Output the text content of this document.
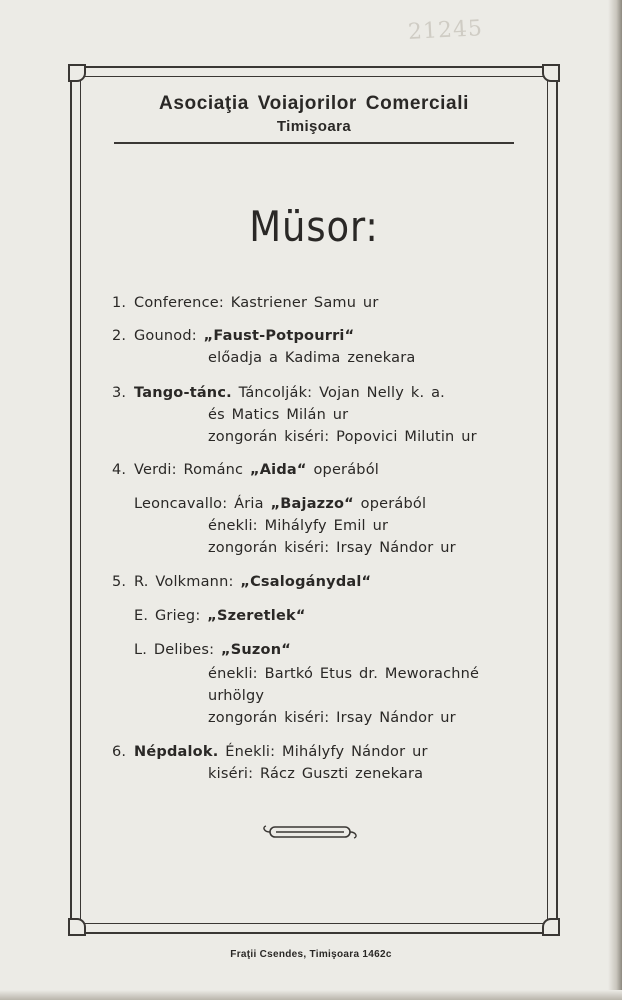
21245
Asociaţia Voiajorilor Comerciali
Timişoara
Müsor:
1. Conference: Kastriener Samu ur
2. Gounod: „Faust-Potpourri“
előadja a Kadima zenekara
3. Tango-tánc. Táncolják: Vojan Nelly k. a.
és Matics Milán ur
zongorán kiséri: Popovici Milutin ur
4. Verdi: Románc „Aida“ operából
Leoncavallo: Ária „Bajazzo“ operából
énekli: Mihályfy Emil ur
zongorán kiséri: Irsay Nándor ur
5. R. Volkmann: „Csalogánydal“
E. Grieg: „Szeretlek“
L. Delibes: „Suzon“
énekli: Bartkó Etus dr. Meworachné
urhölgy
zongorán kiséri: Irsay Nándor ur
6. Népdalok. Énekli: Mihályfy Nándor ur
kiséri: Rácz Guszti zenekara
Fraţii Csendes, Timişoara 1462c
